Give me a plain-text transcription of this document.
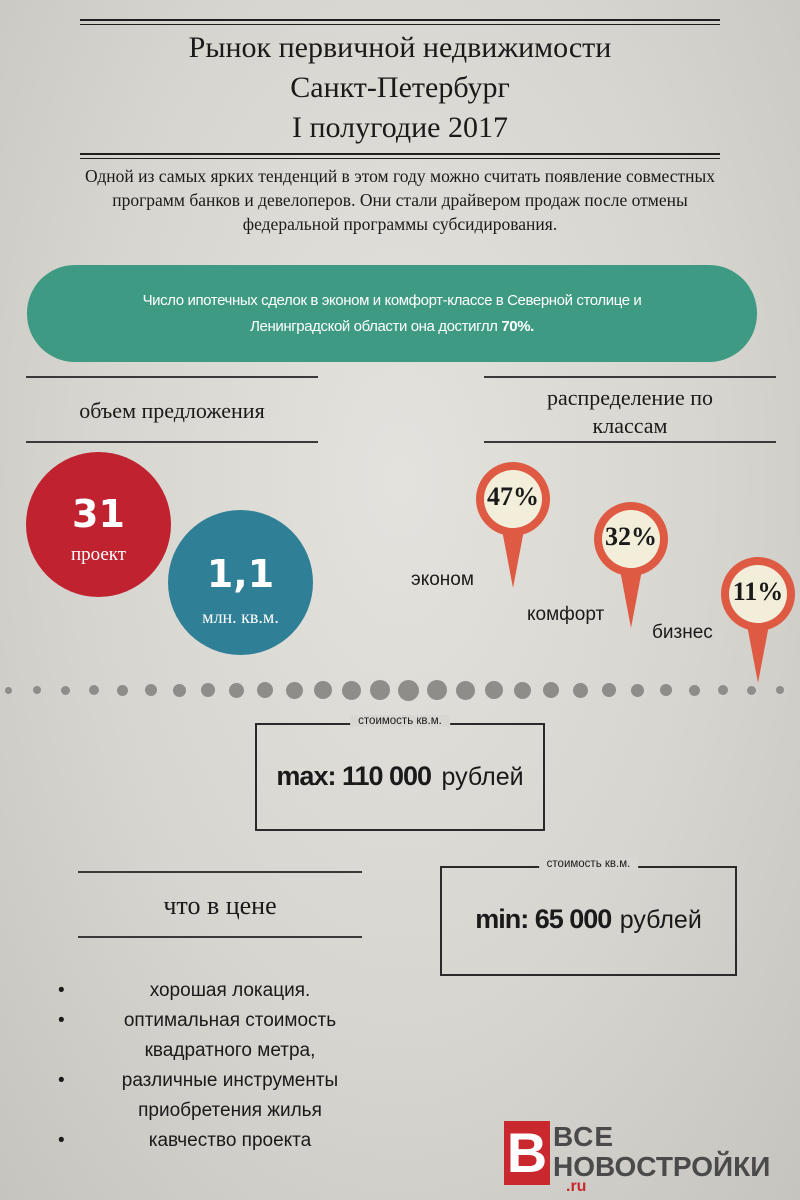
Рынок первичной недвижимости
Санкт-Петербург
I полугодие 2017
Одной из самых ярких тенденций в этом году можно считать появление совместных
программ банков и девелоперов. Они стали драйвером продаж после отмены
федеральной программы субсидирования.
Число ипотечных сделок в эконом и комфорт-классе в Северной столице и
Ленинградской области она достиглл 70%.
объем предложения
31
проект	1,1
млн. кв.м.
распределение по
классам
47%
эконом
32%
комфорт
11%
бизнес
стоимость кв.м.
max: 110 000 рублей
стоимость кв.м.
min: 65 000 рублей
что в цене
•	хорошая локация.
•	оптимальная стоимость
квадратного метра,
•	различные инструменты
приобретения жилья
•	кавчество проекта	В ВСЕ
НОВОСТРОЙКИ
.ru
